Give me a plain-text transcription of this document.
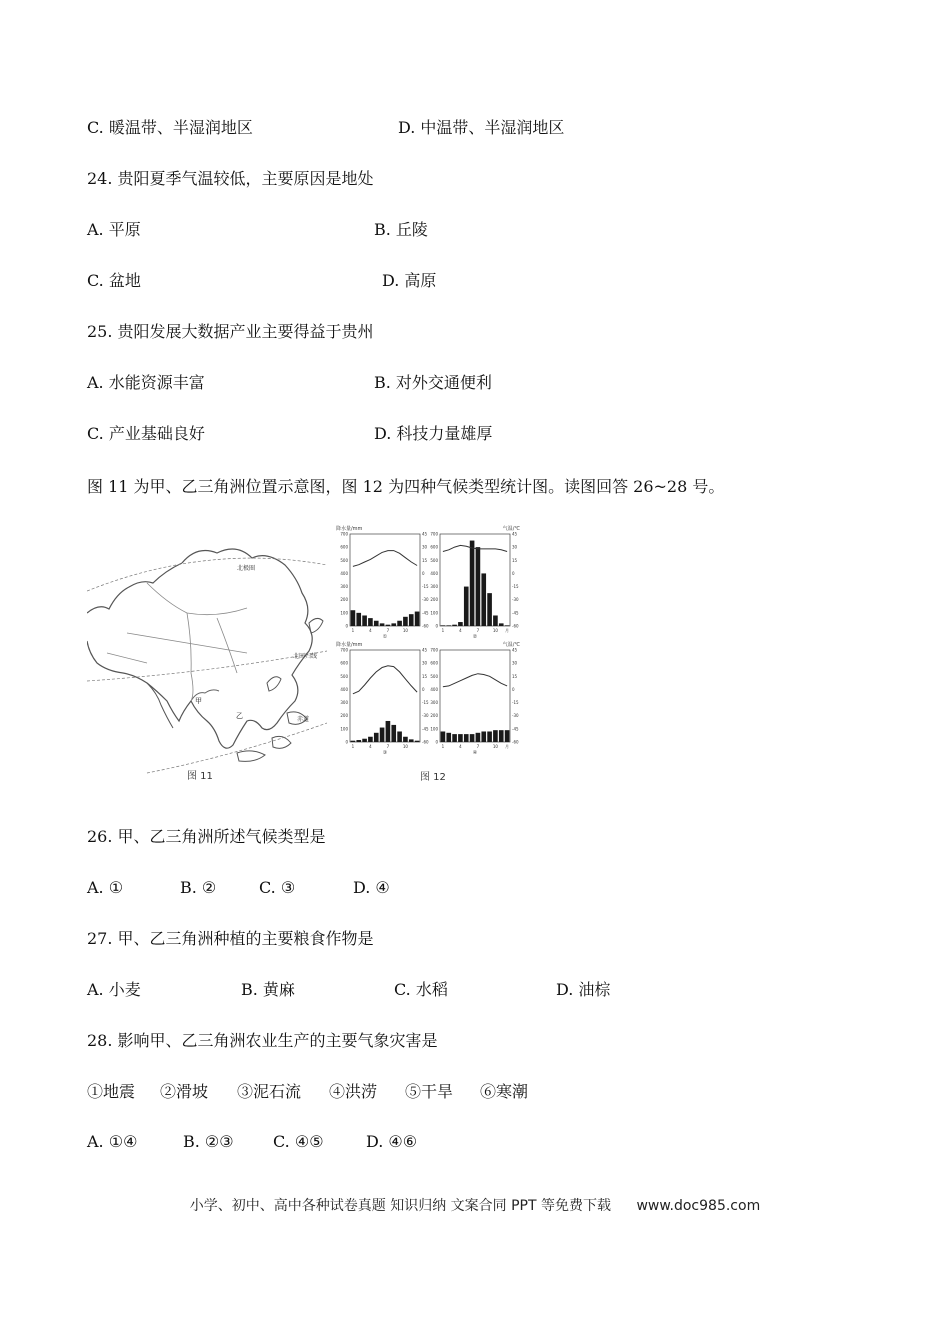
C. 暖温带、半湿润地区	D. 中温带、半湿润地区
24. 贵阳夏季气温较低，主要原因是地处
A. 平原	B. 丘陵
C. 盆地	D. 高原
25. 贵阳发展大数据产业主要得益于贵州
A. 水能资源丰富	B. 对外交通便利
C. 产业基础良好	D. 科技力量雄厚
图 11 为甲、乙三角洲位置示意图，图 12 为四种气候类型统计图。读图回答 26~28 号。
北极圈
北回归线
赤道
甲
乙
图 11
降水量/mm
0
100
200
300
400
500
600
700
-60
-45
-30
-15
0
15
30
45
1	4	7	10
①
气温/℃
0
100
200
300
400
500
600
700
-60
-45
-30
-15
0
15
30
45
1	4	7	10 月
②
降水量/mm
0
100
200
300
400
500
600
700
-60
-45
-30
-15
0
15
30
45
1	4	7	10
③
气温/℃
0
100
200
300
400
500
600
700
-60
-45
-30
-15
0
15
30
45
1	4	7	10 月
④
图 12
26. 甲、乙三角洲所述气候类型是
A. ①	B. ②	C. ③	D. ④
27. 甲、乙三角洲种植的主要粮食作物是
A. 小麦	B. 黄麻	C. 水稻	D. 油棕
28. 影响甲、乙三角洲农业生产的主要气象灾害是
①地震 ②滑坡 ③泥石流 ④洪涝 ⑤干旱 ⑥寒潮
A. ①④	B. ②③ C. ④⑤	D. ④⑥
小学、初中、高中各种试卷真题 知识归纳 文案合同 PPT 等免费下载 www.doc985.com
